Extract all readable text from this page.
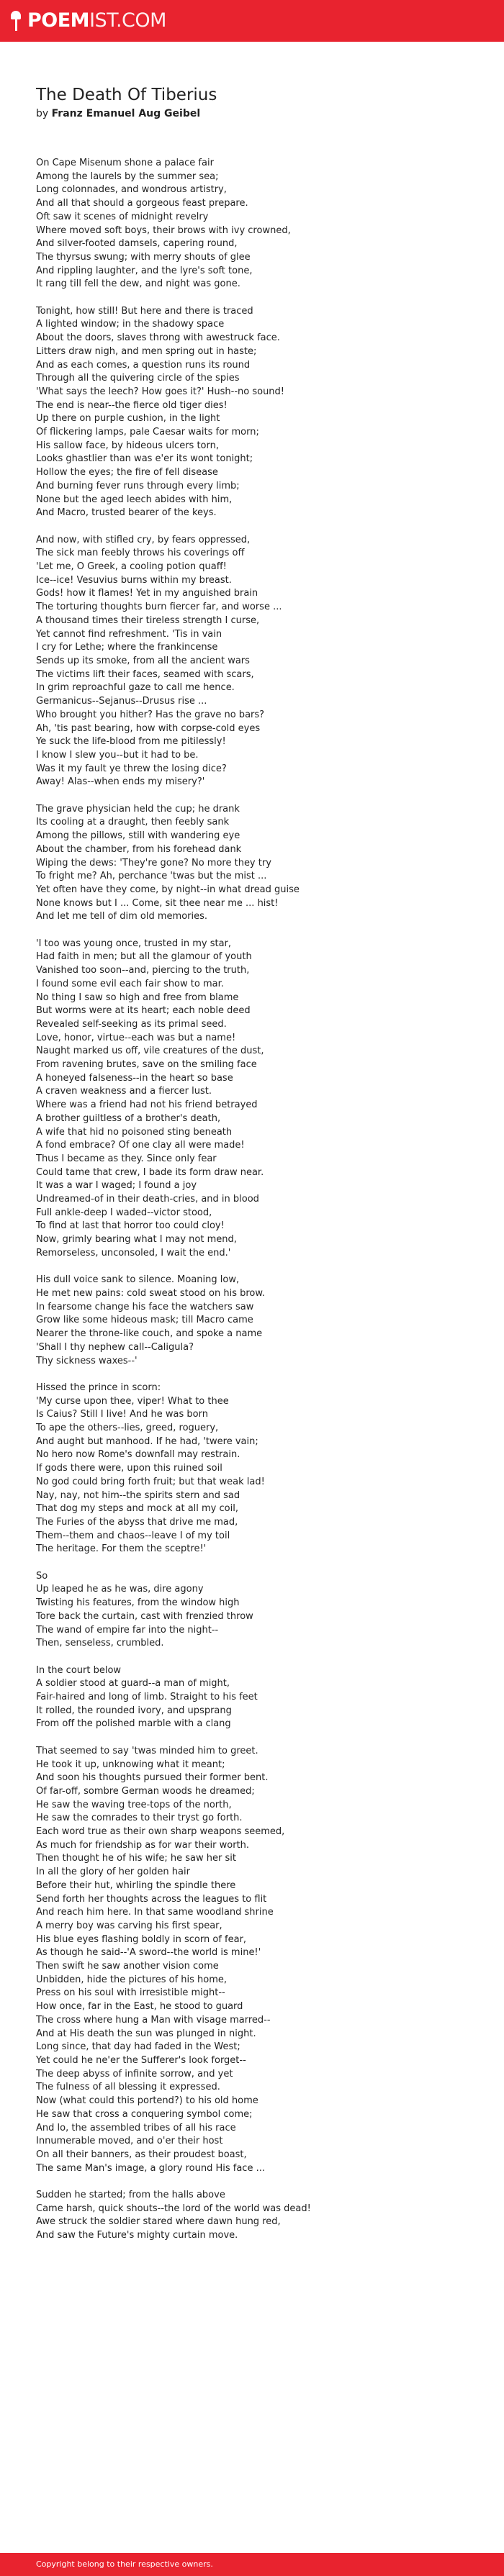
POEMIST.COM
The Death Of Tiberius
by Franz Emanuel Aug Geibel
On Cape Misenum shone a palace fair
Among the laurels by the summer sea;
Long colonnades, and wondrous artistry,
And all that should a gorgeous feast prepare.
Oft saw it scenes of midnight revelry
Where moved soft boys, their brows with ivy crowned,
And silver-footed damsels, capering round,
The thyrsus swung; with merry shouts of glee
And rippling laughter, and the lyre's soft tone,
It rang till fell the dew, and night was gone.
Tonight, how still! But here and there is traced
A lighted window; in the shadowy space
About the doors, slaves throng with awestruck face.
Litters draw nigh, and men spring out in haste;
And as each comes, a question runs its round
Through all the quivering circle of the spies
'What says the leech? How goes it?' Hush--no sound!
The end is near--the fierce old tiger dies!
Up there on purple cushion, in the light
Of flickering lamps, pale Caesar waits for morn;
His sallow face, by hideous ulcers torn,
Looks ghastlier than was e'er its wont tonight;
Hollow the eyes; the fire of fell disease
And burning fever runs through every limb;
None but the aged leech abides with him,
And Macro, trusted bearer of the keys.
And now, with stifled cry, by fears oppressed,
The sick man feebly throws his coverings off
'Let me, O Greek, a cooling potion quaff!
Ice--ice! Vesuvius burns within my breast.
Gods! how it flames! Yet in my anguished brain
The torturing thoughts burn fiercer far, and worse ...
A thousand times their tireless strength I curse,
Yet cannot find refreshment. 'Tis in vain
I cry for Lethe; where the frankincense
Sends up its smoke, from all the ancient wars
The victims lift their faces, seamed with scars,
In grim reproachful gaze to call me hence.
Germanicus--Sejanus--Drusus rise ...
Who brought you hither? Has the grave no bars?
Ah, 'tis past bearing, how with corpse-cold eyes
Ye suck the life-blood from me pitilessly!
I know I slew you--but it had to be.
Was it my fault ye threw the losing dice?
Away! Alas--when ends my misery?'
The grave physician held the cup; he drank
Its cooling at a draught, then feebly sank
Among the pillows, still with wandering eye
About the chamber, from his forehead dank
Wiping the dews: 'They're gone? No more they try
To fright me? Ah, perchance 'twas but the mist ...
Yet often have they come, by night--in what dread guise
None knows but I ... Come, sit thee near me ... hist!
And let me tell of dim old memories.
'I too was young once, trusted in my star,
Had faith in men; but all the glamour of youth
Vanished too soon--and, piercing to the truth,
I found some evil each fair show to mar.
No thing I saw so high and free from blame
But worms were at its heart; each noble deed
Revealed self-seeking as its primal seed.
Love, honor, virtue--each was but a name!
Naught marked us off, vile creatures of the dust,
From ravening brutes, save on the smiling face
A honeyed falseness--in the heart so base
A craven weakness and a fiercer lust.
Where was a friend had not his friend betrayed
A brother guiltless of a brother's death,
A wife that hid no poisoned sting beneath
A fond embrace? Of one clay all were made!
Thus I became as they. Since only fear
Could tame that crew, I bade its form draw near.
It was a war I waged; I found a joy
Undreamed-of in their death-cries, and in blood
Full ankle-deep I waded--victor stood,
To find at last that horror too could cloy!
Now, grimly bearing what I may not mend,
Remorseless, unconsoled, I wait the end.'
His dull voice sank to silence. Moaning low,
He met new pains: cold sweat stood on his brow.
In fearsome change his face the watchers saw
Grow like some hideous mask; till Macro came
Nearer the throne-like couch, and spoke a name
'Shall I thy nephew call--Caligula?
Thy sickness waxes--'
Hissed the prince in scorn:
'My curse upon thee, viper! What to thee
Is Caius? Still I live! And he was born
To ape the others--lies, greed, roguery,
And aught but manhood. If he had, 'twere vain;
No hero now Rome's downfall may restrain.
If gods there were, upon this ruined soil
No god could bring forth fruit; but that weak lad!
Nay, nay, not him--the spirits stern and sad
That dog my steps and mock at all my coil,
The Furies of the abyss that drive me mad,
Them--them and chaos--leave I of my toil
The heritage. For them the sceptre!'
So
Up leaped he as he was, dire agony
Twisting his features, from the window high
Tore back the curtain, cast with frenzied throw
The wand of empire far into the night--
Then, senseless, crumbled.
In the court below
A soldier stood at guard--a man of might,
Fair-haired and long of limb. Straight to his feet
It rolled, the rounded ivory, and upsprang
From off the polished marble with a clang
That seemed to say 'twas minded him to greet.
He took it up, unknowing what it meant;
And soon his thoughts pursued their former bent.
Of far-off, sombre German woods he dreamed;
He saw the waving tree-tops of the north,
He saw the comrades to their tryst go forth.
Each word true as their own sharp weapons seemed,
As much for friendship as for war their worth.
Then thought he of his wife; he saw her sit
In all the glory of her golden hair
Before their hut, whirling the spindle there
Send forth her thoughts across the leagues to flit
And reach him here. In that same woodland shrine
A merry boy was carving his first spear,
His blue eyes flashing boldly in scorn of fear,
As though he said--'A sword--the world is mine!'
Then swift he saw another vision come
Unbidden, hide the pictures of his home,
Press on his soul with irresistible might--
How once, far in the East, he stood to guard
The cross where hung a Man with visage marred--
And at His death the sun was plunged in night.
Long since, that day had faded in the West;
Yet could he ne'er the Sufferer's look forget--
The deep abyss of infinite sorrow, and yet
The fulness of all blessing it expressed.
Now (what could this portend?) to his old home
He saw that cross a conquering symbol come;
And lo, the assembled tribes of all his race
Innumerable moved, and o'er their host
On all their banners, as their proudest boast,
The same Man's image, a glory round His face ...
Sudden he started; from the halls above
Came harsh, quick shouts--the lord of the world was dead!
Awe struck the soldier stared where dawn hung red,
And saw the Future's mighty curtain move.
Copyright belong to their respective owners.
